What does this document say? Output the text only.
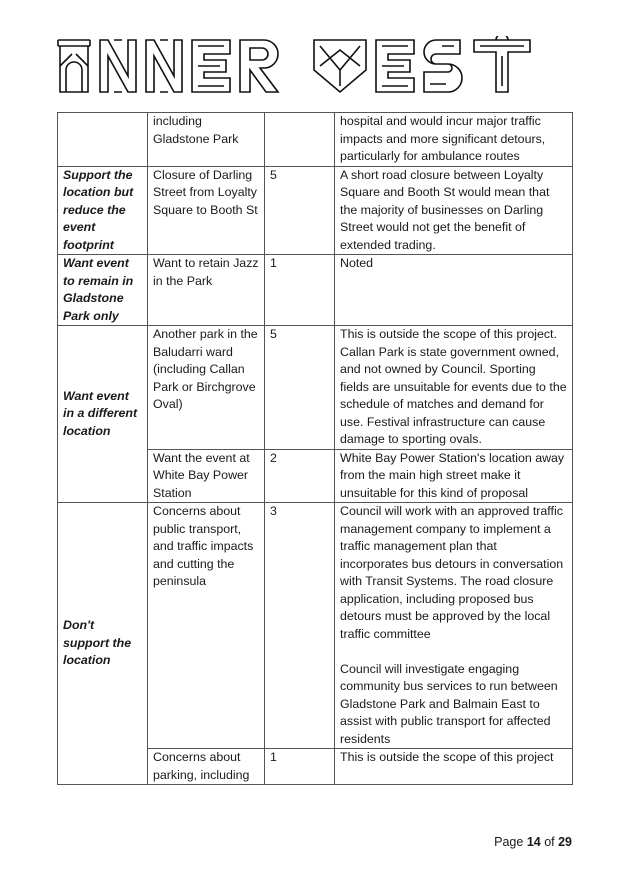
	including Gladstone Park		hospital and would incur major traffic impacts and more significant detours, particularly for ambulance routes

Support the location but reduce the event footprint	Closure of Darling Street from Loyalty Square to Booth St	5	A short road closure between Loyalty Square and Booth St would mean that the majority of businesses on Darling Street would not get the benefit of extended trading.

Want event to remain in Gladstone Park only	Want to retain Jazz in the Park	1	Noted

Want event in a different location	Another park in the Baludarri ward (including Callan Park or Birchgrove Oval)	5	This is outside the scope of this project. Callan Park is state government owned, and not owned by Council. Sporting fields are unsuitable for events due to the schedule of matches and demand for use. Festival infrastructure can cause damage to sporting ovals.

	Want the event at White Bay Power Station	2	White Bay Power Station's location away from the main high street make it unsuitable for this kind of proposal

Don't support the location	Concerns about public transport, and traffic impacts and cutting the peninsula	3	Council will work with an approved traffic management company to implement a traffic management plan that incorporates bus detours in conversation with Transit Systems. The road closure application, including proposed bus detours must be approved by the local traffic committee
Council will investigate engaging community bus services to run between Gladstone Park and Balmain East to assist with public transport for affected residents

	Concerns about parking, including	1	This is outside the scope of this project
Page 14 of 29
